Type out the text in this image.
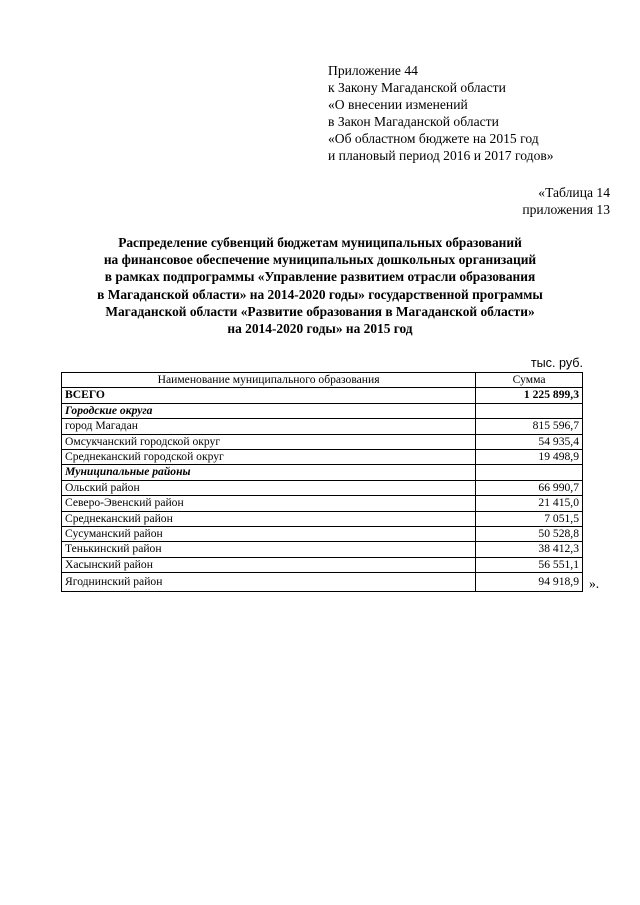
Приложение 44
к Закону Магаданской области
«О внесении изменений
в Закон Магаданской области
«Об областном бюджете на 2015 год
и плановый период 2016 и 2017 годов»
«Таблица 14
приложения 13
Распределение субвенций бюджетам муниципальных образований
на финансовое обеспечение муниципальных дошкольных организаций
в рамках подпрограммы «Управление развитием отрасли образования
в Магаданской области» на 2014-2020 годы» государственной программы
Магаданской области «Развитие образования в Магаданской области»
на 2014-2020 годы» на 2015 год
тыс. руб.
Наименование муниципального образования	Сумма
ВСЕГО	1 225 899,3
Городские округа	
город Магадан	815 596,7
Омсукчанский городской округ	54 935,4
Среднеканский городской округ	19 498,9
Муниципальные районы	
Ольский район	66 990,7
Северо-Эвенский район	21 415,0
Среднеканский район	7 051,5
Сусуманский район	50 528,8
Тенькинский район	38 412,3
Хасынский район	56 551,1
Ягоднинский район	94 918,9 ».
